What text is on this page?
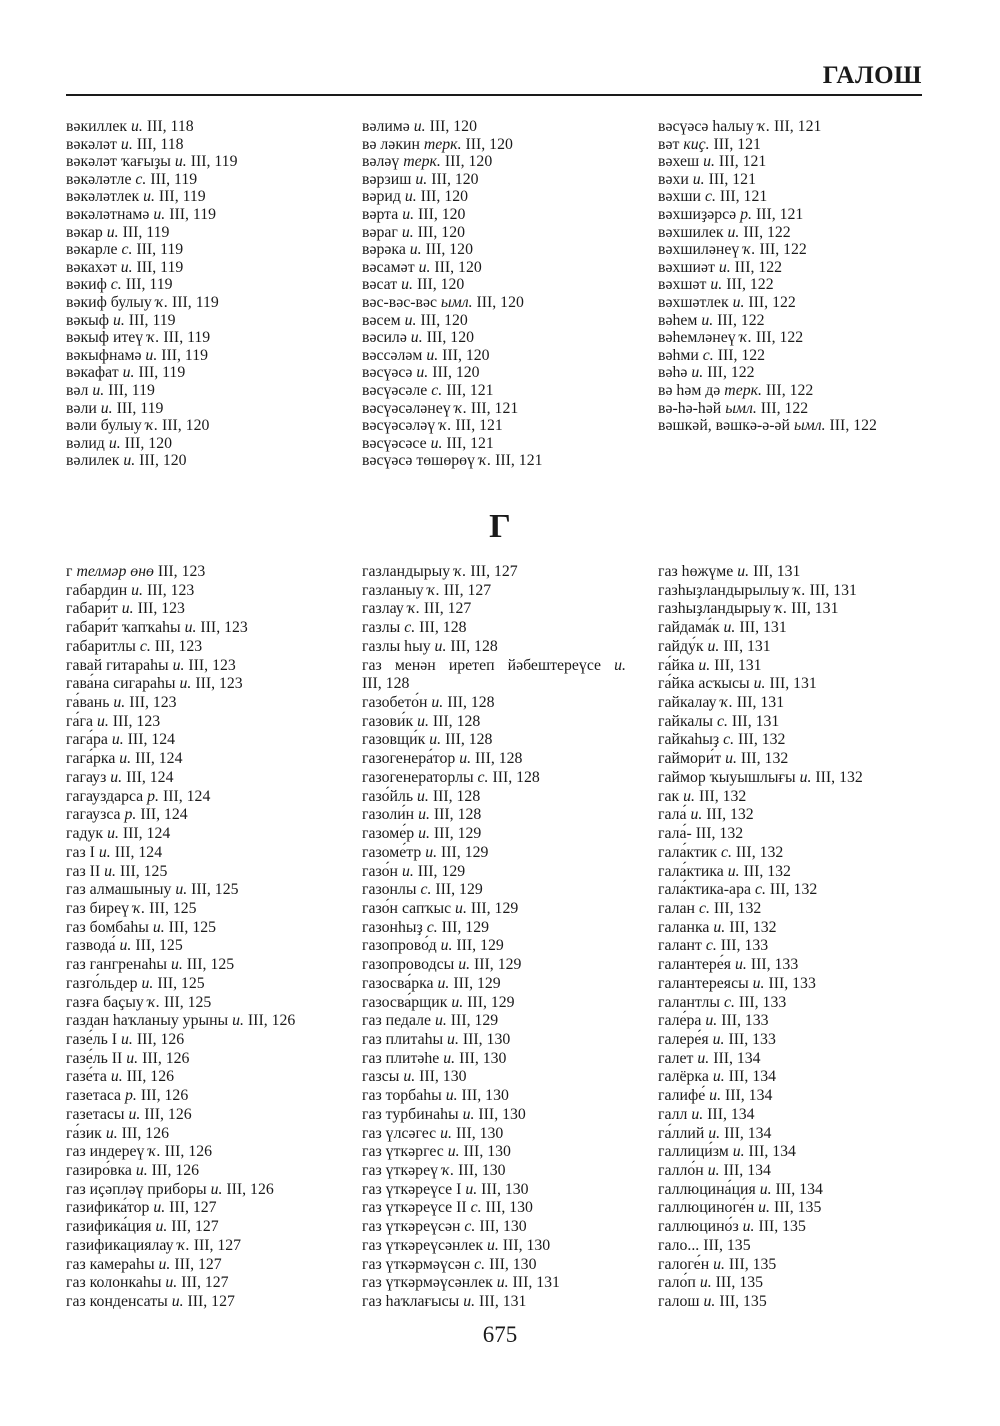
ГАЛОШ
вәкиллек и. III, 118
вәкәләт и. III, 118
вәкәләт ҡағыҙы и. III, 119
вәкәләтле с. III, 119
вәкәләтлек и. III, 119
вәкәләтнамә и. III, 119
вәкар и. III, 119
вәкарле с. III, 119
вәкахәт и. III, 119
вәкиф с. III, 119
вәкиф булыу ҡ. III, 119
вәкыф и. III, 119
вәкыф итеү ҡ. III, 119
вәкыфнамә и. III, 119
вәкафат и. III, 119
вәл и. III, 119
вәли и. III, 119
вәли булыу ҡ. III, 120
вәлид и. III, 120
вәлилек и. III, 120
вәлимә и. III, 120
вә ләкин терк. III, 120
вәләү терк. III, 120
вәрзиш и. III, 120
вәрид и. III, 120
вәрта и. III, 120
вәраг и. III, 120
вәрәка и. III, 120
вәсамәт и. III, 120
вәсат и. III, 120
вәс-вәс-вәс ымл. III, 120
вәсем и. III, 120
вәсилә и. III, 120
вәссәләм и. III, 120
вәсүәсә и. III, 120
вәсүәсәле с. III, 121
вәсүәсәләнеү ҡ. III, 121
вәсүәсәләү ҡ. III, 121
вәсүәсәсе и. III, 121
вәсүәсә төшөрөү ҡ. III, 121
вәсүәсә һалыу ҡ. III, 121
вәт киҫ. III, 121
вәхеш и. III, 121
вәхи и. III, 121
вәхши с. III, 121
вәхшиҙәрсә р. III, 121
вәхшилек и. III, 122
вәхшиләнеү ҡ. III, 122
вәхшиәт и. III, 122
вәхшәт и. III, 122
вәхшәтлек и. III, 122
вәһем и. III, 122
вәһемләнеү ҡ. III, 122
вәһми с. III, 122
вәһә и. III, 122
вә һәм дә терк. III, 122
вә-һә-һәй ымл. III, 122
вәшкәй, вәшкә-ә-әй ымл. III, 122
Г
г телмәр өнө III, 123
габардин и. III, 123
габари́т и. III, 123
габари́т ҡапҡаһы и. III, 123
габаритлы с. III, 123
гавай гитараһы и. III, 123
гава́на сигараһы и. III, 123
га́вань и. III, 123
га́га и. III, 123
гага́ра и. III, 124
гага́рка и. III, 124
гагауз и. III, 124
гагауздарса р. III, 124
гагаузса р. III, 124
гадук и. III, 124
газ I и. III, 124
газ II и. III, 125
газ алмашыныу и. III, 125
газ биреү ҡ. III, 125
газ бомбаһы и. III, 125
газвода́ и. III, 125
газ гангренаһы и. III, 125
газго́льдер и. III, 125
газға баҫыу ҡ. III, 125
газдан һаҡланыу урыны и. III, 126
газе́ль I и. III, 126
газе́ль II и. III, 126
газе́та и. III, 126
газетаса р. III, 126
газетасы и. III, 126
га́зик и. III, 126
газ индереү ҡ. III, 126
газиро́вка и. III, 126
газ иҫәпләү приборы и. III, 126
газифика́тор и. III, 127
газифика́ция и. III, 127
газификациялау ҡ. III, 127
газ камераһы и. III, 127
газ колонкаһы и. III, 127
газ конденсаты и. III, 127
газландырыу ҡ. III, 127
газланыу ҡ. III, 127
газлау ҡ. III, 127
газлы с. III, 128
газлы һыу и. III, 128
газ менән иретеп йәбештереүсе и.
III, 128
газобето́н и. III, 128
газови́к и. III, 128
газовщи́к и. III, 128
газогенера́тор и. III, 128
газогенераторлы с. III, 128
газо́йль и. III, 128
газоли́н и. III, 128
газоме́р и. III, 129
газоме́тр и. III, 129
газо́н и. III, 129
газонлы с. III, 129
газо́н сапҡыс и. III, 129
газонһыҙ с. III, 129
газопрово́д и. III, 129
газопроводсы и. III, 129
газосва́рка и. III, 129
газосва́рщик и. III, 129
газ педале и. III, 129
газ плитаһы и. III, 130
газ плитәһе и. III, 130
газсы и. III, 130
газ торбаһы и. III, 130
газ турбинаһы и. III, 130
газ үлсәгес и. III, 130
газ үткәргес и. III, 130
газ үткәреү ҡ. III, 130
газ үткәреүсе I и. III, 130
газ үткәреүсе II с. III, 130
газ үткәреүсән с. III, 130
газ үткәреүсәнлек и. III, 130
газ үткәрмәүсән с. III, 130
газ үткәрмәүсәнлек и. III, 131
газ һаҡлағысы и. III, 131
газ һөжүме и. III, 131
газһыҙландырылыу ҡ. III, 131
газһыҙландырыу ҡ. III, 131
гайдама́к и. III, 131
гайду́к и. III, 131
га́йка и. III, 131
га́йка асҡысы и. III, 131
гайкалау ҡ. III, 131
гайкалы с. III, 131
гайкаһыҙ с. III, 132
гаймори́т и. III, 132
гаймор ҡыуышлығы и. III, 132
гак и. III, 132
гала́ и. III, 132
гала́- III, 132
гала́ктик с. III, 132
гала́ктика и. III, 132
гала́ктика-ара с. III, 132
галан с. III, 132
галанка и. III, 132
галант с. III, 133
галантере́я и. III, 133
галантереясы и. III, 133
галантлы с. III, 133
гале́ра и. III, 133
галере́я и. III, 133
галет и. III, 134
галёрка и. III, 134
галифе́ и. III, 134
галл и. III, 134
га́ллий и. III, 134
галлици́зм и. III, 134
галло́н и. III, 134
галлюцина́ция и. III, 134
галлюциноге́н и. III, 135
галлюцино́з и. III, 135
гало... III, 135
галоге́н и. III, 135
гало́п и. III, 135
галош и. III, 135
675
